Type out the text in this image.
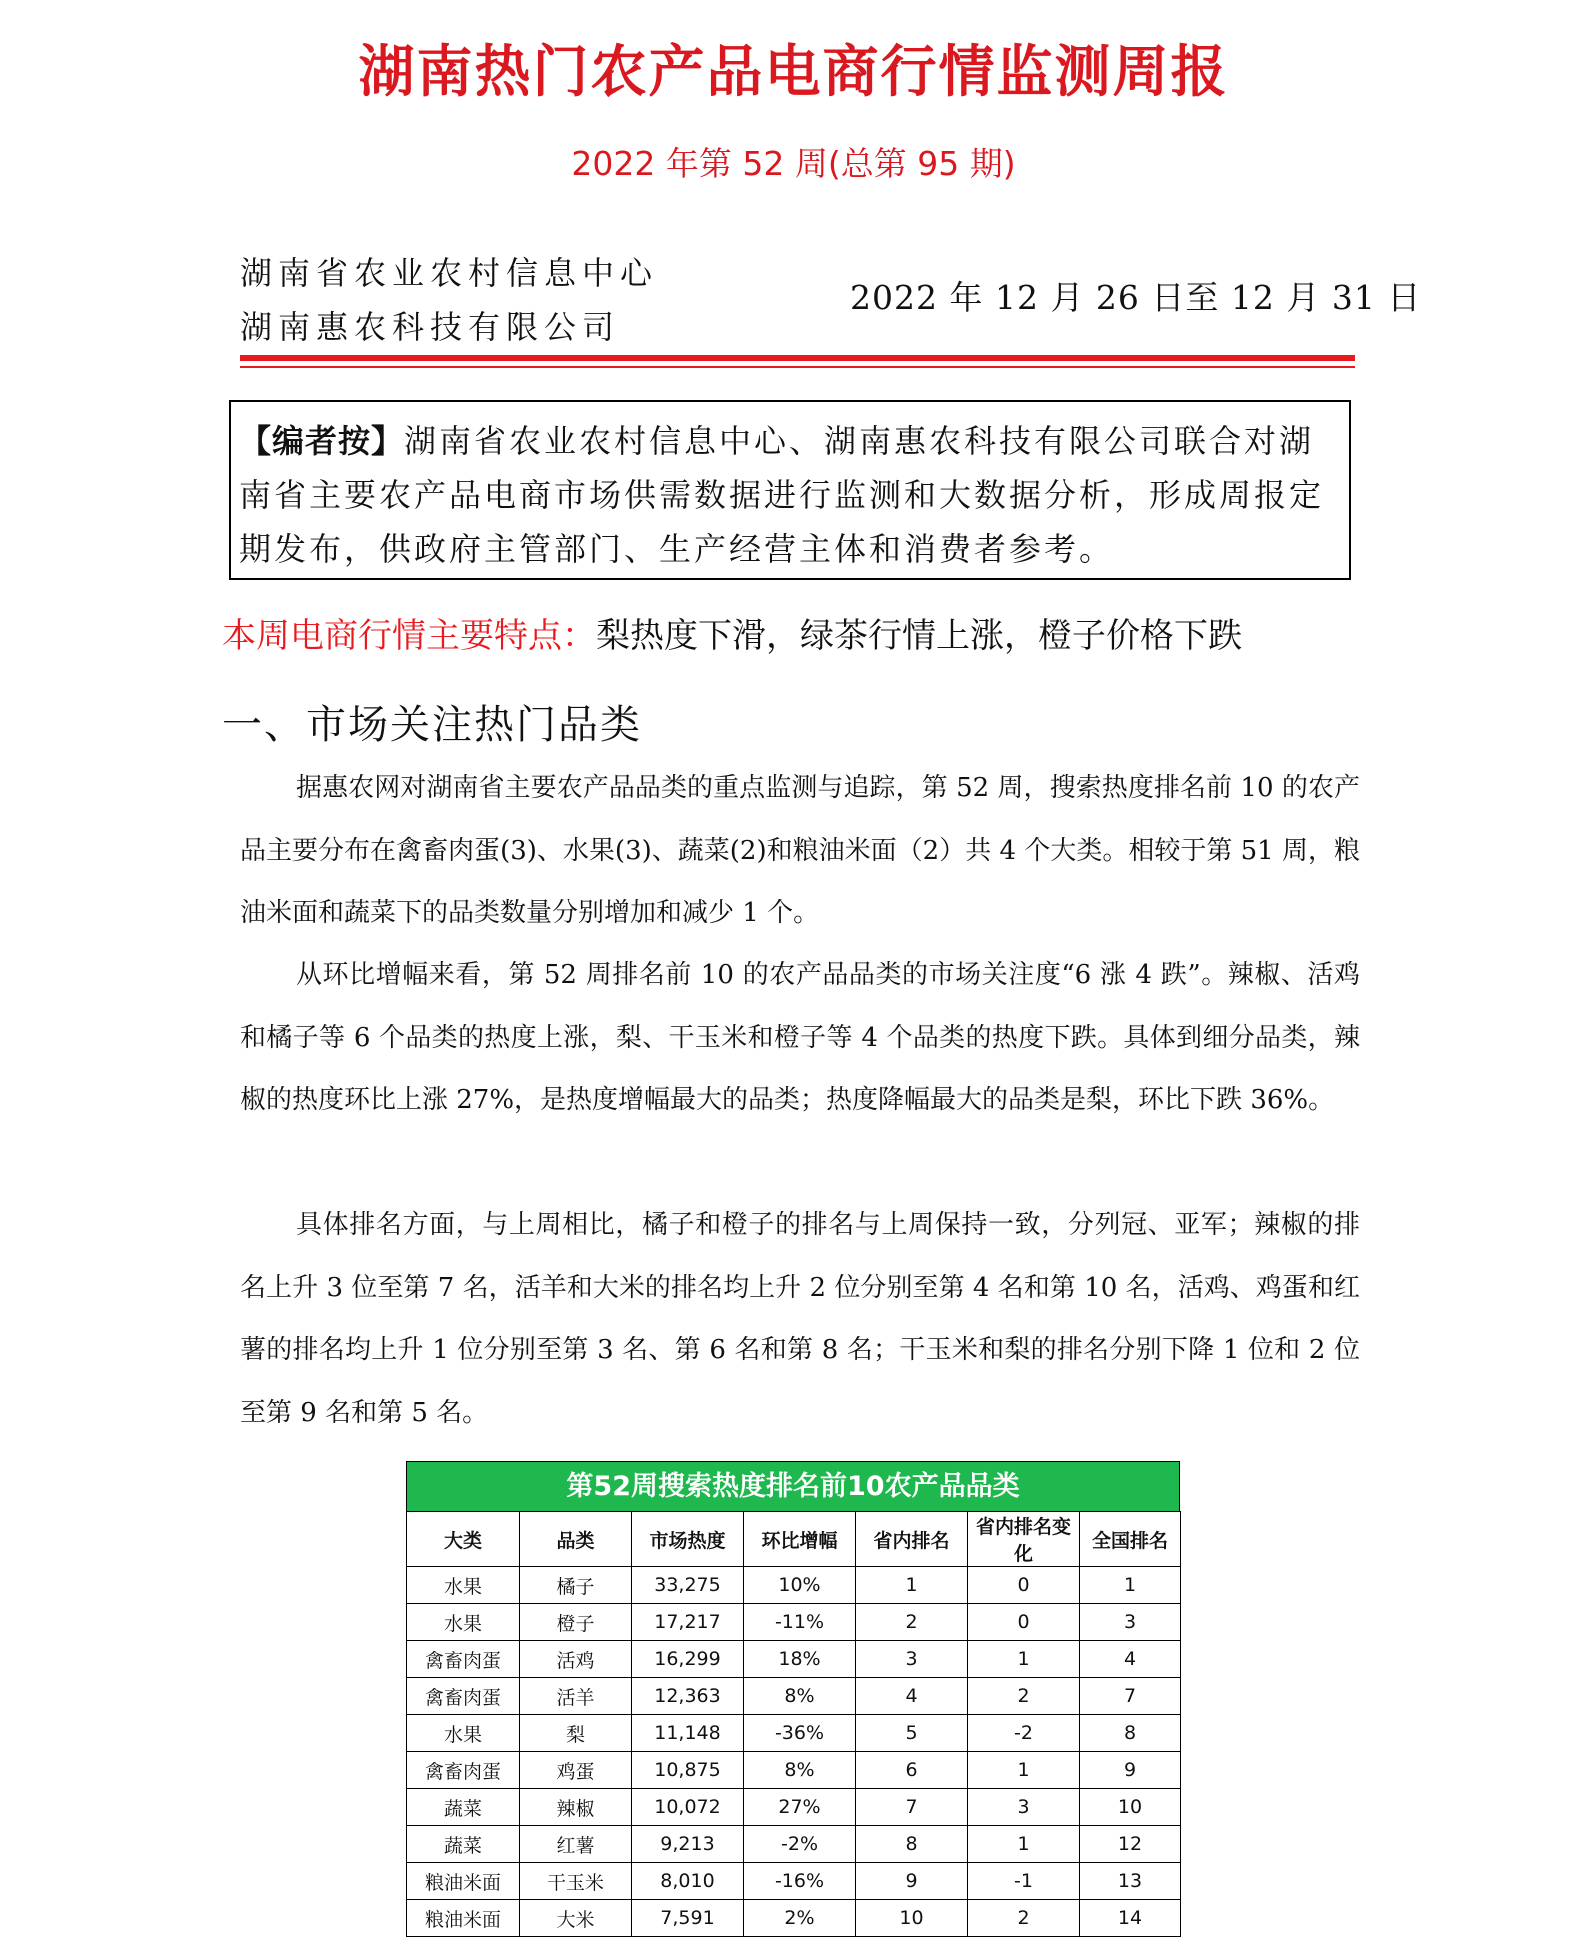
湖南热门农产品电商行情监测周报
2022 年第 52 周(总第 95 期)
湖南省农业农村信息中心
湖南惠农科技有限公司
2022 年 12 月 26 日至 12 月 31 日
【编者按】湖南省农业农村信息中心、湖南惠农科技有限公司联合对湖南省主要农产品电商市场供需数据进行监测和大数据分析，形成周报定期发布，供政府主管部门、生产经营主体和消费者参考。
本周电商行情主要特点：梨热度下滑，绿茶行情上涨，橙子价格下跌
一、市场关注热门品类
据惠农网对湖南省主要农产品品类的重点监测与追踪，第 52 周，搜索热度排名前 10 的农产品主要分布在禽畜肉蛋(3)、水果(3)、蔬菜(2)和粮油米面（2）共 4 个大类。相较于第 51 周，粮油米面和蔬菜下的品类数量分别增加和减少 1 个。
从环比增幅来看，第 52 周排名前 10 的农产品品类的市场关注度“6 涨 4 跌”。辣椒、活鸡和橘子等 6 个品类的热度上涨，梨、干玉米和橙子等 4 个品类的热度下跌。具体到细分品类，辣椒的热度环比上涨 27%，是热度增幅最大的品类；热度降幅最大的品类是梨，环比下跌 36%。
具体排名方面，与上周相比，橘子和橙子的排名与上周保持一致，分列冠、亚军；辣椒的排名上升 3 位至第 7 名，活羊和大米的排名均上升 2 位分别至第 4 名和第 10 名，活鸡、鸡蛋和红薯的排名均上升 1 位分别至第 3 名、第 6 名和第 8 名；干玉米和梨的排名分别下降 1 位和 2 位至第 9 名和第 5 名。
第52周搜索热度排名前10农产品品类
大类	品类	市场热度	环比增幅	省内排名	省内排名变化	全国排名
水果	橘子	33,275	10%	1	0	1
水果	橙子	17,217	-11%	2	0	3
禽畜肉蛋	活鸡	16,299	18%	3	1	4
禽畜肉蛋	活羊	12,363	8%	4	2	7
水果	梨	11,148	-36%	5	-2	8
禽畜肉蛋	鸡蛋	10,875	8%	6	1	9
蔬菜	辣椒	10,072	27%	7	3	10
蔬菜	红薯	9,213	-2%	8	1	12
粮油米面	干玉米	8,010	-16%	9	-1	13
粮油米面	大米	7,591	2%	10	2	14
